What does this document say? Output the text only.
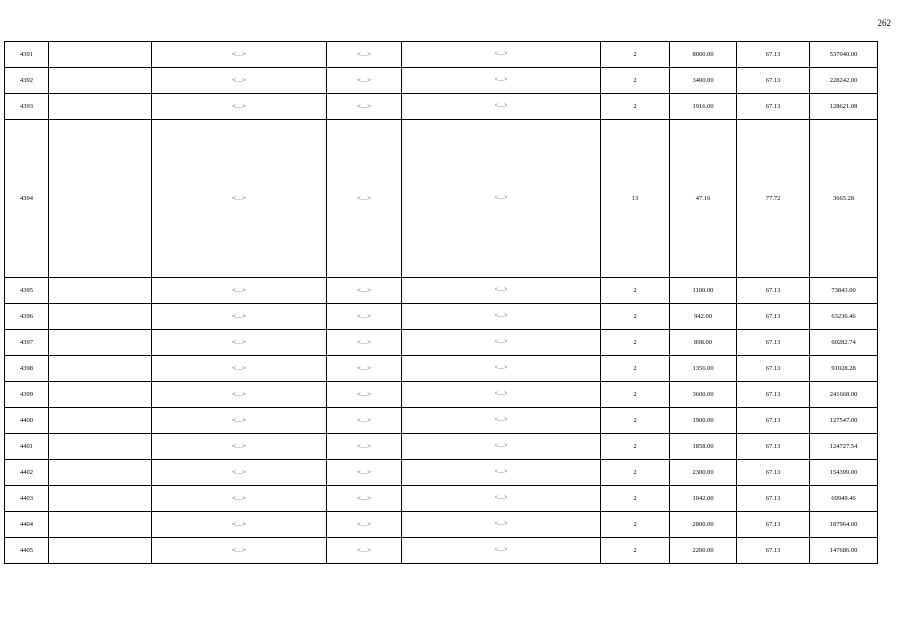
262
4391		<…>	<…>	<…>	2	8000.00	67.13	537040.00
4392		<…>	<…>	<…>	2	3400.00	67.13	228242.00
4393		<…>	<…>	<…>	2	1916.00	67.13	128621.08
4394		<…>	<…>	<…>	13	47.16	77.72	3665.28
4395		<…>	<…>	<…>	2	1100.00	67.13	73843.00
4396		<…>	<…>	<…>	2	942.00	67.13	63236.46
4397		<…>	<…>	<…>	2	898.00	67.13	60282.74
4398		<…>	<…>	<…>	2	1356.00	67.13	91028.28
4399		<…>	<…>	<…>	2	3600.00	67.13	241668.00
4400		<…>	<…>	<…>	2	1900.00	67.13	127547.00
4401		<…>	<…>	<…>	2	1858.00	67.13	124727.54
4402		<…>	<…>	<…>	2	2300.00	67.13	154399.00
4403		<…>	<…>	<…>	2	1042.00	67.13	69949.46
4404		<…>	<…>	<…>	2	2800.00	67.13	187964.00
4405		<…>	<…>	<…>	2	2200.00	67.13	147686.00
